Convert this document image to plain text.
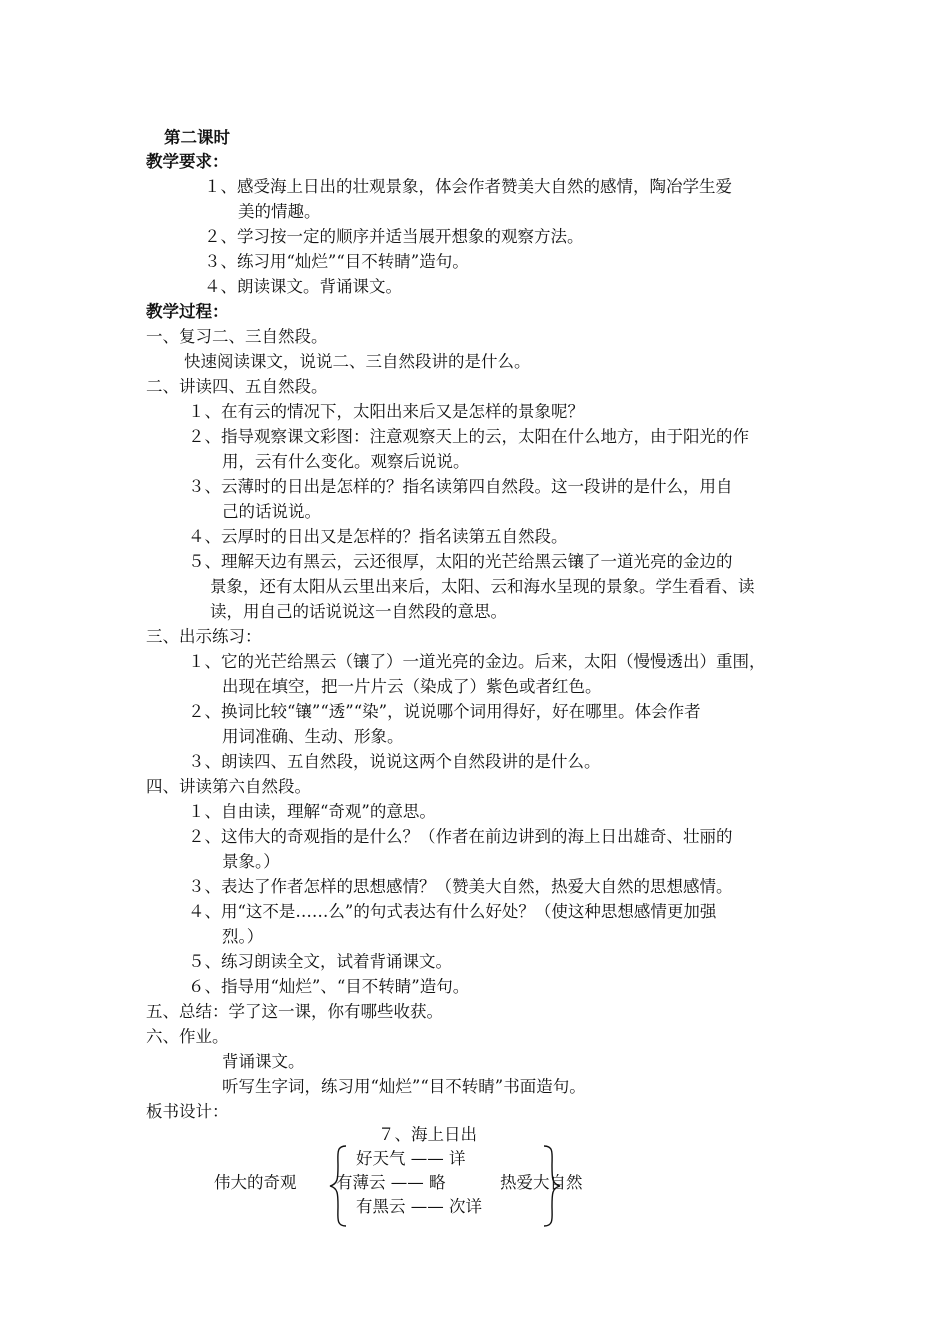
第二课时
教学要求：
１、感受海上日出的壮观景象，体会作者赞美大自然的感情，陶冶学生爱
美的情趣。
２、学习按一定的顺序并适当展开想象的观察方法。
３、练习用“灿烂”“目不转睛”造句。
４、朗读课文。背诵课文。
教学过程：
一、复习二、三自然段。
快速阅读课文，说说二、三自然段讲的是什么。
二、讲读四、五自然段。
１、在有云的情况下，太阳出来后又是怎样的景象呢？
２、指导观察课文彩图：注意观察天上的云，太阳在什么地方，由于阳光的作
用，云有什么变化。观察后说说。
３、云薄时的日出是怎样的？指名读第四自然段。这一段讲的是什么，用自
己的话说说。
４、云厚时的日出又是怎样的？指名读第五自然段。
５、理解天边有黑云，云还很厚，太阳的光芒给黑云镶了一道光亮的金边的
景象，还有太阳从云里出来后，太阳、云和海水呈现的景象。学生看看、读
读，用自己的话说说这一自然段的意思。
三、出示练习：
１、它的光芒给黑云（镶了）一道光亮的金边。后来，太阳（慢慢透出）重围，
出现在填空，把一片片云（染成了）紫色或者红色。
２、换词比较“镶”“透”“染”，说说哪个词用得好，好在哪里。体会作者
用词准确、生动、形象。
３、朗读四、五自然段，说说这两个自然段讲的是什么。
四、讲读第六自然段。
１、自由读，理解“奇观”的意思。
２、这伟大的奇观指的是什么？（作者在前边讲到的海上日出雄奇、壮丽的
景象。）
３、表达了作者怎样的思想感情？（赞美大自然，热爱大自然的思想感情。
４、用“这不是……么”的句式表达有什么好处？（使这种思想感情更加强
烈。）
５、练习朗读全文，试着背诵课文。
６、指导用“灿烂”、“目不转睛”造句。
五、总结：学了这一课，你有哪些收获。
六、作业。
背诵课文。
听写生字词，练习用“灿烂”“目不转睛”书面造句。
板书设计：
７、海上日出
好天气 —— 详
伟大的奇观 有薄云 —— 略	热爱大自然
有黑云 —— 次详
